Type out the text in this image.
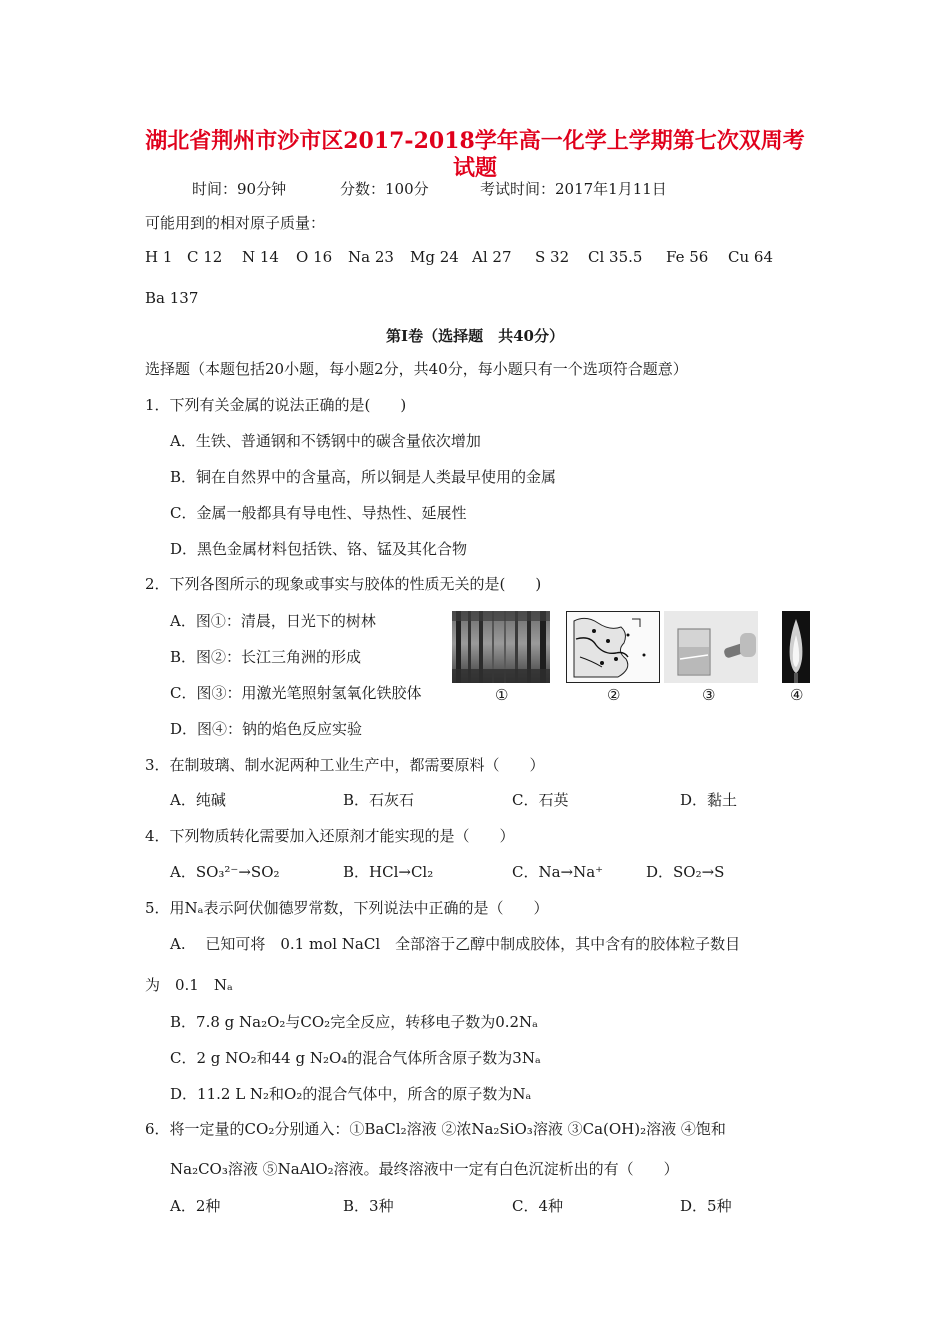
湖北省荆州市沙市区2017-2018学年高一化学上学期第七次双周考
试题
时间：90分钟	分数：100分	考试时间：2017年1月11日
可能用到的相对原子质量：
H 1 C 12 N 14 O 16 Na 23 Mg 24 Al 27 S 32 Cl 35.5 Fe 56 Cu 64
Ba 137
第Ⅰ卷（选择题　共40分）
选择题（本题包括20小题，每小题2分，共40分，每小题只有一个选项符合题意）
1．下列有关金属的说法正确的是(　　)
A．生铁、普通钢和不锈钢中的碳含量依次增加
B．铜在自然界中的含量高，所以铜是人类最早使用的金属
C．金属一般都具有导电性、导热性、延展性
D．黑色金属材料包括铁、铬、锰及其化合物
2．下列各图所示的现象或事实与胶体的性质无关的是(　　)
A．图①：清晨，日光下的树林
B．图②：长江三角洲的形成
C．图③：用激光笔照射氢氧化铁胶体
D．图④：钠的焰色反应实验
①	②	③	④
3．在制玻璃、制水泥两种工业生产中，都需要原料（　　）
A．纯碱	B．石灰石	C．石英	D．黏土
4．下列物质转化需要加入还原剂才能实现的是（　　）
A．SO₃²⁻→SO₂	B．HCl→Cl₂	C．Na→Na⁺	D．SO₂→S
5．用Nₐ表示阿伏伽德罗常数，下列说法中正确的是（　　）
A.　 已知可将　0.1 mol NaCl　全部溶于乙醇中制成胶体，其中含有的胶体粒子数目
为　0.1　Nₐ
B．7.8 g Na₂O₂与CO₂完全反应，转移电子数为0.2Nₐ
C．2 g NO₂和44 g N₂O₄的混合气体所含原子数为3Nₐ
D．11.2 L N₂和O₂的混合气体中，所含的原子数为Nₐ
6．将一定量的CO₂分别通入：①BaCl₂溶液 ②浓Na₂SiO₃溶液 ③Ca(OH)₂溶液 ④饱和
Na₂CO₃溶液 ⑤NaAlO₂溶液。最终溶液中一定有白色沉淀析出的有（　　）
A．2种	B．3种	C．4种	D．5种
